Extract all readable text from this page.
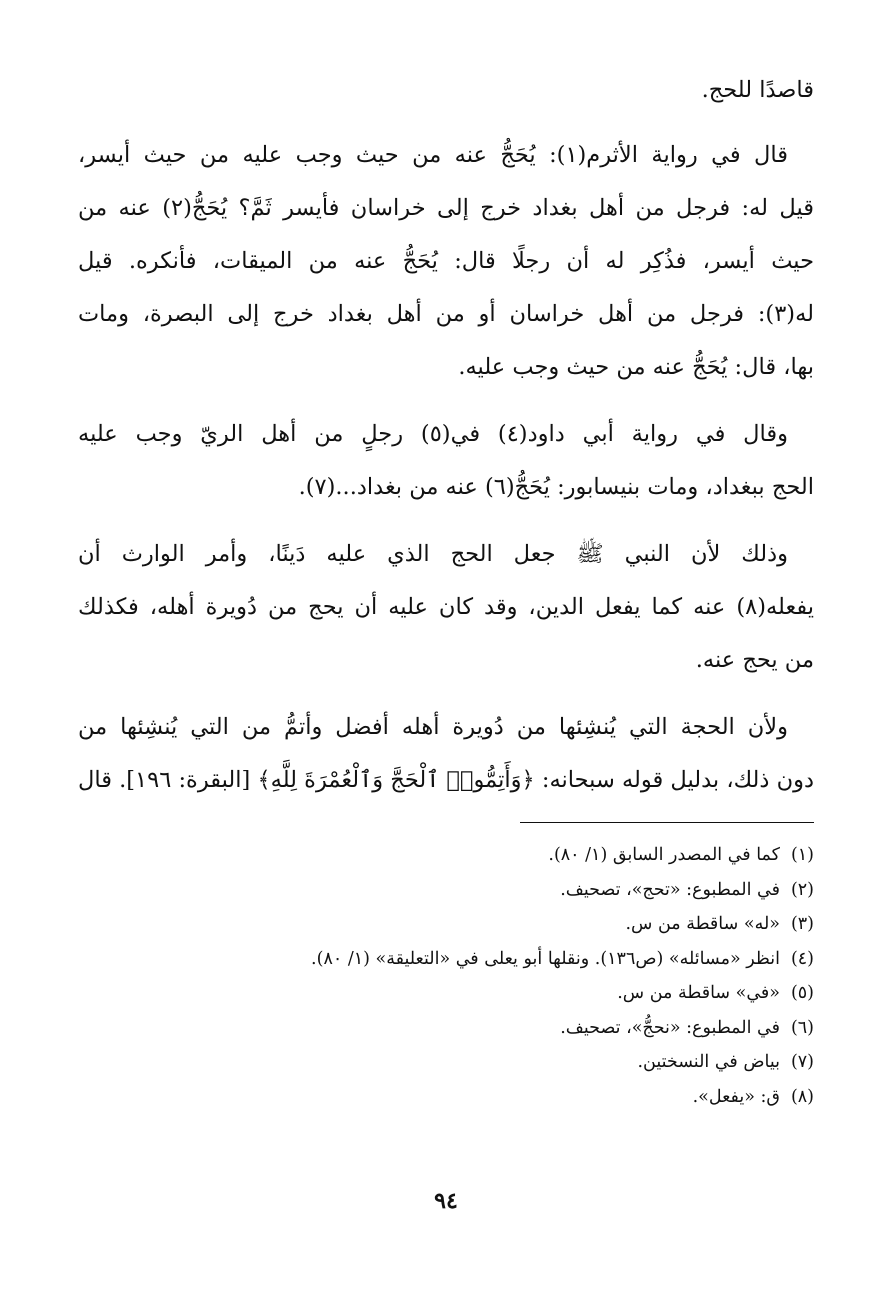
قاصدًا للحج.

قال في رواية الأثرم(١): يُحَجُّ عنه من حيث وجب عليه من حيث أيسر،
قيل له: فرجل من أهل بغداد خرج إلى خراسان فأيسر ثَمَّ؟ يُحَجُّ(٢) عنه من
حيث أيسر، فذُكِر له أن رجلًا قال: يُحَجُّ عنه من الميقات، فأنكره. قيل
له(٣): فرجل من أهل خراسان أو من أهل بغداد خرج إلى البصرة، ومات
بها، قال: يُحَجُّ عنه من حيث وجب عليه.

وقال في رواية أبي داود(٤) في(٥) رجلٍ من أهل الريّ وجب عليه
الحج ببغداد، ومات بنيسابور: يُحَجُّ(٦) عنه من بغداد...(٧).

وذلك لأن النبي ﷺ جعل الحج الذي عليه دَينًا، وأمر الوارث أن
يفعله(٨) عنه كما يفعل الدين، وقد كان عليه أن يحج من دُويرة أهله، فكذلك
من يحج عنه.

ولأن الحجة التي يُنشِئها من دُويرة أهله أفضل وأتمُّ من التي يُنشِئها من
دون ذلك، بدليل قوله سبحانه: ﴿وَأَتِمُّوا۟ ٱلْحَجَّ وَٱلْعُمْرَةَ لِلَّهِ﴾ [البقرة: ١٩٦]. قال

(١)كما في المصدر السابق (١/ ٨٠).
(٢)في المطبوع: «تحج»، تصحيف.
(٣)«له» ساقطة من س.
(٤)انظر «مسائله» (ص١٣٦). ونقلها أبو يعلى في «التعليقة» (١/ ٨٠).
(٥)«في» ساقطة من س.
(٦)في المطبوع: «نحجُّ»، تصحيف.
(٧)بياض في النسختين.
(٨)ق: «يفعل».
٩٤
